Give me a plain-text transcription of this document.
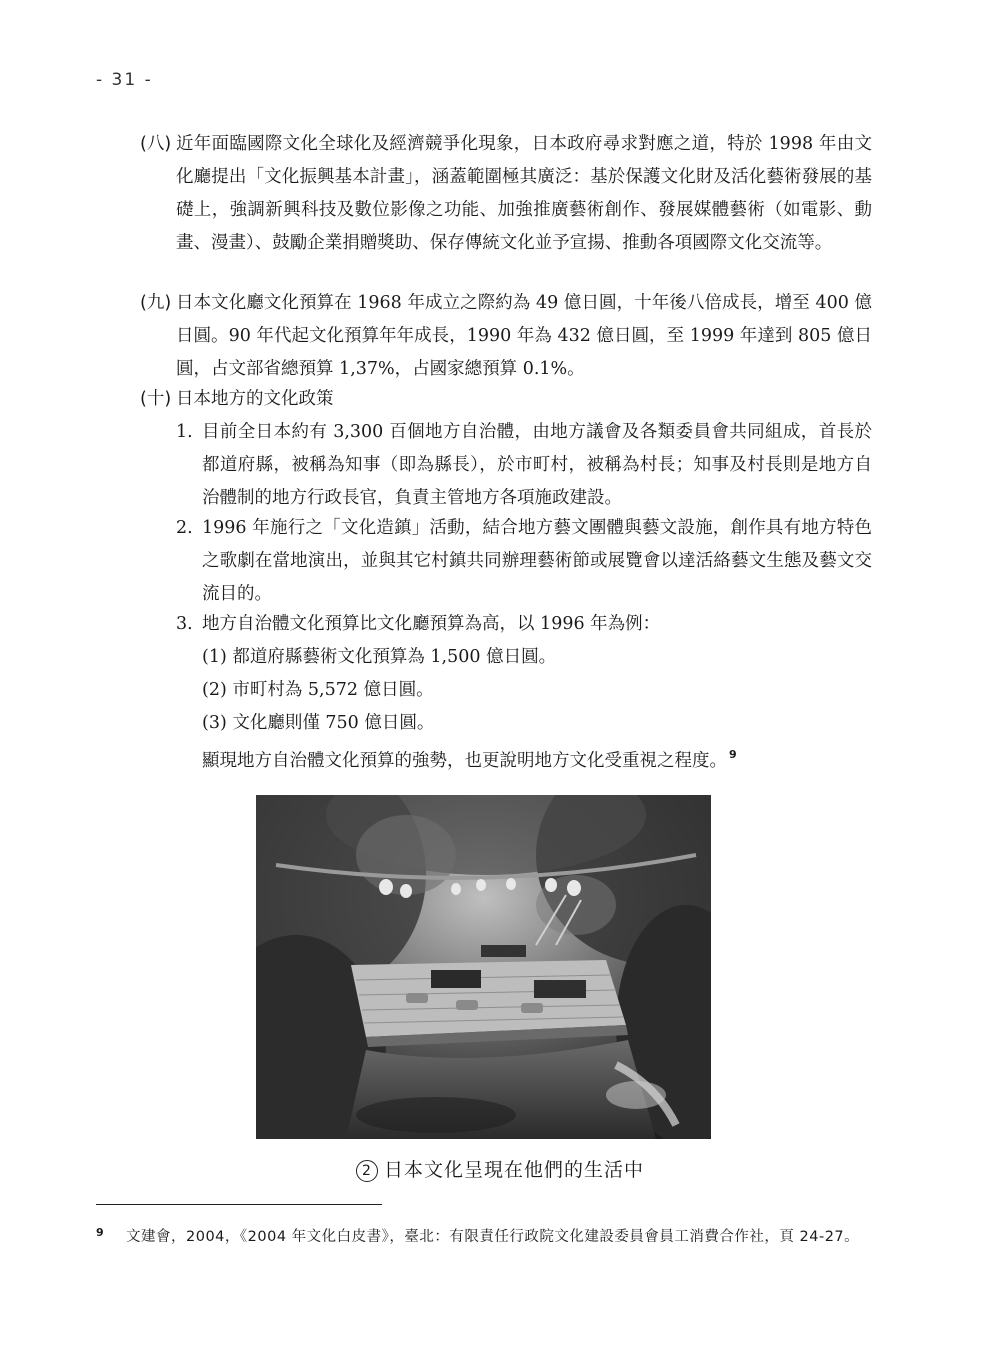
- 31 -
(八) 近年面臨國際文化全球化及經濟競爭化現象，日本政府尋求對應之道，特於 1998 年由文化廳提出「文化振興基本計畫」，涵蓋範圍極其廣泛：基於保護文化財及活化藝術發展的基礎上，強調新興科技及數位影像之功能、加強推廣藝術創作、發展媒體藝術（如電影、動畫、漫畫）、鼓勵企業捐贈獎助、保存傳統文化並予宣揚、推動各項國際文化交流等。
(九) 日本文化廳文化預算在 1968 年成立之際約為 49 億日圓，十年後八倍成長，增至 400 億日圓。90 年代起文化預算年年成長，1990 年為 432 億日圓，至 1999 年達到 805 億日圓，占文部省總預算 1,37%，占國家總預算 0.1%。
(十) 日本地方的文化政策
1. 目前全日本約有 3,300 百個地方自治體，由地方議會及各類委員會共同組成，首長於都道府縣，被稱為知事（即為縣長），於市町村，被稱為村長；知事及村長則是地方自治體制的地方行政長官，負責主管地方各項施政建設。
2. 1996 年施行之「文化造鎮」活動，結合地方藝文團體與藝文設施，創作具有地方特色之歌劇在當地演出，並與其它村鎮共同辦理藝術節或展覽會以達活絡藝文生態及藝文交流目的。
3. 地方自治體文化預算比文化廳預算為高，以 1996 年為例：
(1) 都道府縣藝術文化預算為 1,500 億日圓。
(2) 市町村為 5,572 億日圓。
(3) 文化廳則僅 750 億日圓。
顯現地方自治體文化預算的強勢，也更說明地方文化受重視之程度。 $^9$
2 日本文化呈現在他們的生活中
9 文建會，2004，《2004 年文化白皮書》，臺北：有限責任行政院文化建設委員會員工消費合作社，頁 24-27。
